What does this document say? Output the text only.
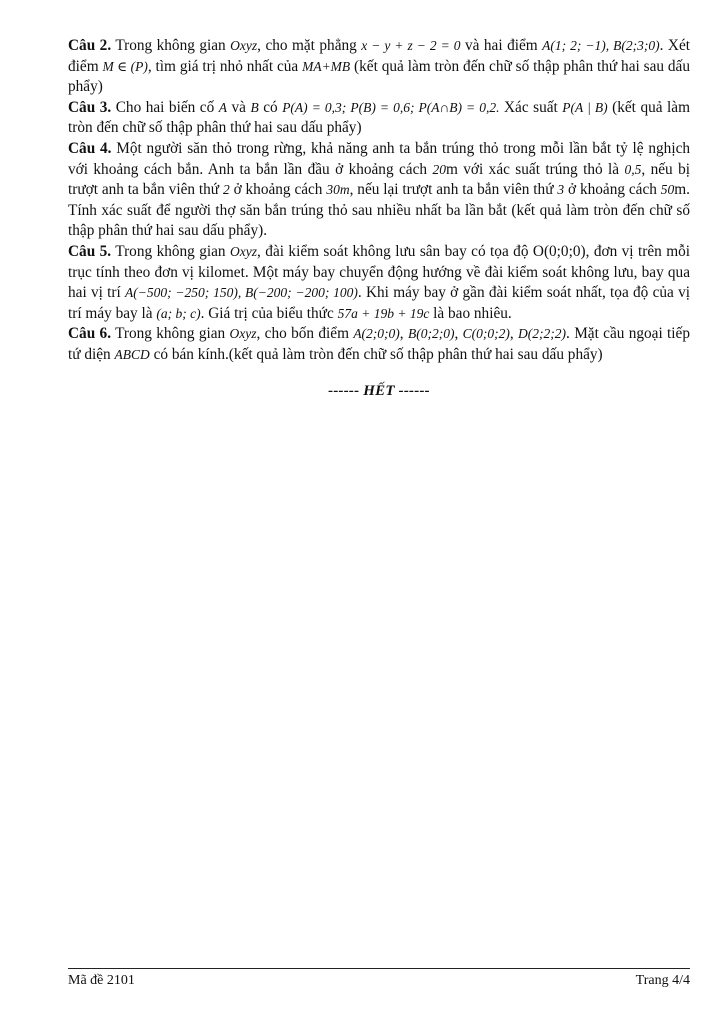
Câu 2. Trong không gian Oxyz, cho mặt phẳng x − y + z − 2 = 0 và hai điểm A(1; 2; −1), B(2;3;0). Xét điểm M ∈ (P), tìm giá trị nhỏ nhất của MA+MB (kết quả làm tròn đến chữ số thập phân thứ hai sau dấu phẩy)

Câu 3. Cho hai biến cố A và B có P(A) = 0,3; P(B) = 0,6; P(A∩B) = 0,2. Xác suất P(A | B) (kết quả làm tròn đến chữ số thập phân thứ hai sau dấu phẩy)

Câu 4. Một người săn thỏ trong rừng, khả năng anh ta bắn trúng thỏ trong mỗi lần bắt tỷ lệ nghịch với khoảng cách bắn. Anh ta bắn lần đầu ở khoảng cách 20m với xác suất trúng thỏ là 0,5, nếu bị trượt anh ta bắn viên thứ 2 ở khoảng cách 30m, nếu lại trượt anh ta bắn viên thứ 3 ở khoảng cách 50m. Tính xác suất để người thợ săn bắn trúng thỏ sau nhiều nhất ba lần bắt (kết quả làm tròn đến chữ số thập phân thứ hai sau dấu phẩy).

Câu 5. Trong không gian Oxyz, đài kiểm soát không lưu sân bay có tọa độ O(0;0;0), đơn vị trên mỗi trục tính theo đơn vị kilomet. Một máy bay chuyển động hướng về đài kiểm soát không lưu, bay qua hai vị trí A(−500; −250; 150), B(−200; −200; 100). Khi máy bay ở gần đài kiểm soát nhất, tọa độ của vị trí máy bay là (a; b; c). Giá trị của biểu thức 57a + 19b + 19c là bao nhiêu.

Câu 6. Trong không gian Oxyz, cho bốn điểm A(2;0;0), B(0;2;0), C(0;0;2), D(2;2;2). Mặt cầu ngoại tiếp tứ diện ABCD có bán kính.(kết quả làm tròn đến chữ số thập phân thứ hai sau dấu phẩy)

------ HẾT ------
Mã đề 2101	Trang 4/4
